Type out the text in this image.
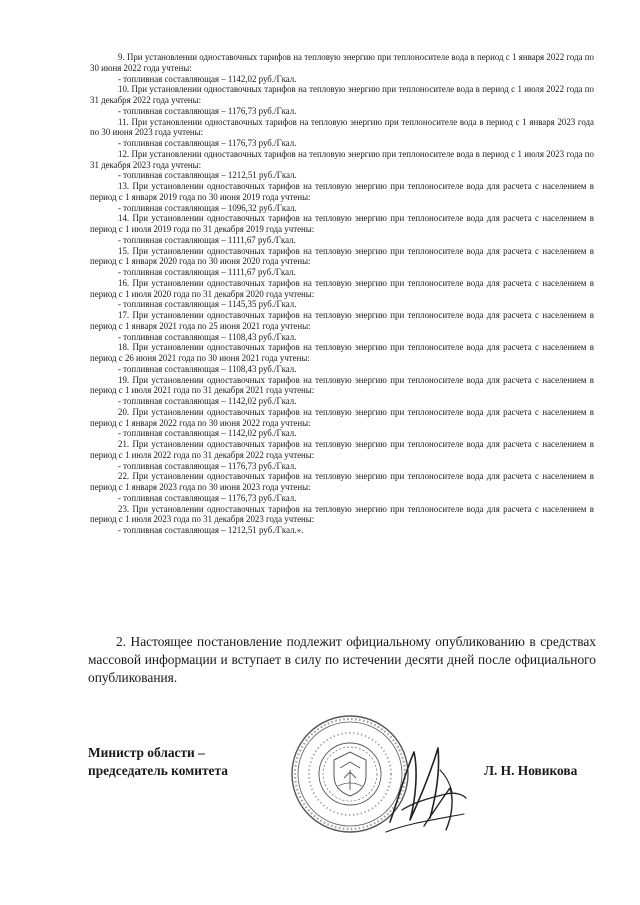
9. При установлении одноставочных тарифов на тепловую энергию при теплоносителе вода в период с 1 января 2022 года по 30 июня 2022 года учтены:

- топливная составляющая – 1142,02 руб./Гкал.

10. При установлении одноставочных тарифов на тепловую энергию при теплоносителе вода в период с 1 июля 2022 года по 31 декабря 2022 года учтены:

- топливная составляющая – 1176,73 руб./Гкал.

11. При установлении одноставочных тарифов на тепловую энергию при теплоносителе вода в период с 1 января 2023 года по 30 июня 2023 года учтены:

- топливная составляющая – 1176,73 руб./Гкал.

12. При установлении одноставочных тарифов на тепловую энергию при теплоносителе вода в период с 1 июля 2023 года по 31 декабря 2023 года учтены:

- топливная составляющая – 1212,51 руб./Гкал.

13. При установлении одноставочных тарифов на тепловую энергию при теплоносителе вода для расчета с населением в период с 1 января 2019 года по 30 июня 2019 года учтены:

- топливная составляющая – 1096,32 руб./Гкал.

14. При установлении одноставочных тарифов на тепловую энергию при теплоносителе вода для расчета с населением в период с 1 июля 2019 года по 31 декабря 2019 года учтены:

- топливная составляющая – 1111,67 руб./Гкал.

15. При установлении одноставочных тарифов на тепловую энергию при теплоносителе вода для расчета с населением в период с 1 января 2020 года по 30 июня 2020 года учтены:

- топливная составляющая – 1111,67 руб./Гкал.

16. При установлении одноставочных тарифов на тепловую энергию при теплоносителе вода для расчета с населением в период с 1 июля 2020 года по 31 декабря 2020 года учтены:

- топливная составляющая – 1145,35 руб./Гкал.

17. При установлении одноставочных тарифов на тепловую энергию при теплоносителе вода для расчета с населением в период с 1 января 2021 года по 25 июня 2021 года учтены:

- топливная составляющая – 1108,43 руб./Гкал.

18. При установлении одноставочных тарифов на тепловую энергию при теплоносителе вода для расчета с населением в период с 26 июня 2021 года по 30 июня 2021 года учтены:

- топливная составляющая – 1108,43 руб./Гкал.

19. При установлении одноставочных тарифов на тепловую энергию при теплоносителе вода для расчета с населением в период с 1 июля 2021 года по 31 декабря 2021 года учтены:

- топливная составляющая – 1142,02 руб./Гкал.

20. При установлении одноставочных тарифов на тепловую энергию при теплоносителе вода для расчета с населением в период с 1 января 2022 года по 30 июня 2022 года учтены:

- топливная составляющая – 1142,02 руб./Гкал.

21. При установлении одноставочных тарифов на тепловую энергию при теплоносителе вода для расчета с населением в период с 1 июля 2022 года по 31 декабря 2022 года учтены:

- топливная составляющая – 1176,73 руб./Гкал.

22. При установлении одноставочных тарифов на тепловую энергию при теплоносителе вода для расчета с населением в период с 1 января 2023 года по 30 июня 2023 года учтены:

- топливная составляющая – 1176,73 руб./Гкал.

23. При установлении одноставочных тарифов на тепловую энергию при теплоносителе вода для расчета с населением в период с 1 июля 2023 года по 31 декабря 2023 года учтены:

- топливная составляющая – 1212,51 руб./Гкал.».

2. Настоящее постановление подлежит официальному опубликованию в средствах массовой информации и вступает в силу по истечении десяти дней после официального опубликования.

Министр области –
председатель комитета	Л. Н. Новикова
